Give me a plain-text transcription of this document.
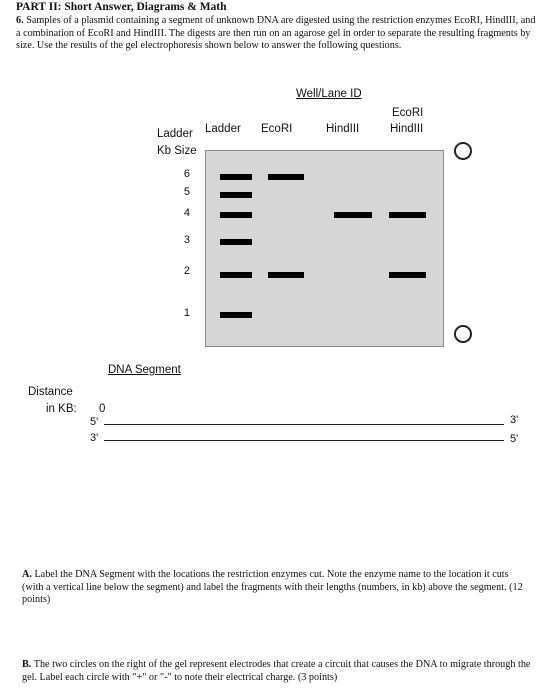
PART II: Short Answer, Diagrams & Math
6. Samples of a plasmid containing a segment of unknown DNA are digested using the restriction enzymes EcoRI, HindIII, and a combination of EcoRI and HindIII. The digests are then run on an agarose gel in order to separate the resulting fragments by size. Use the results of the gel electrophoresis shown below to answer the following questions.
Well/Lane ID
Ladder
Kb Size
Ladder EcoRI	HindIII
EcoRI
HindIII
6
5
4
3
2
1
DNA Segment
Distance
in KB: 0
5'	3'
3'	5'
A. Label the DNA Segment with the locations the restriction enzymes cut. Note the enzyme name to the location it cuts (with a vertical line below the segment) and label the fragments with their lengths (numbers, in kb) above the segment. (12 points)
B. The two circles on the right of the gel represent electrodes that create a circuit that causes the DNA to migrate through the gel. Label each circle with "+" or "-" to note their electrical charge. (3 points)
